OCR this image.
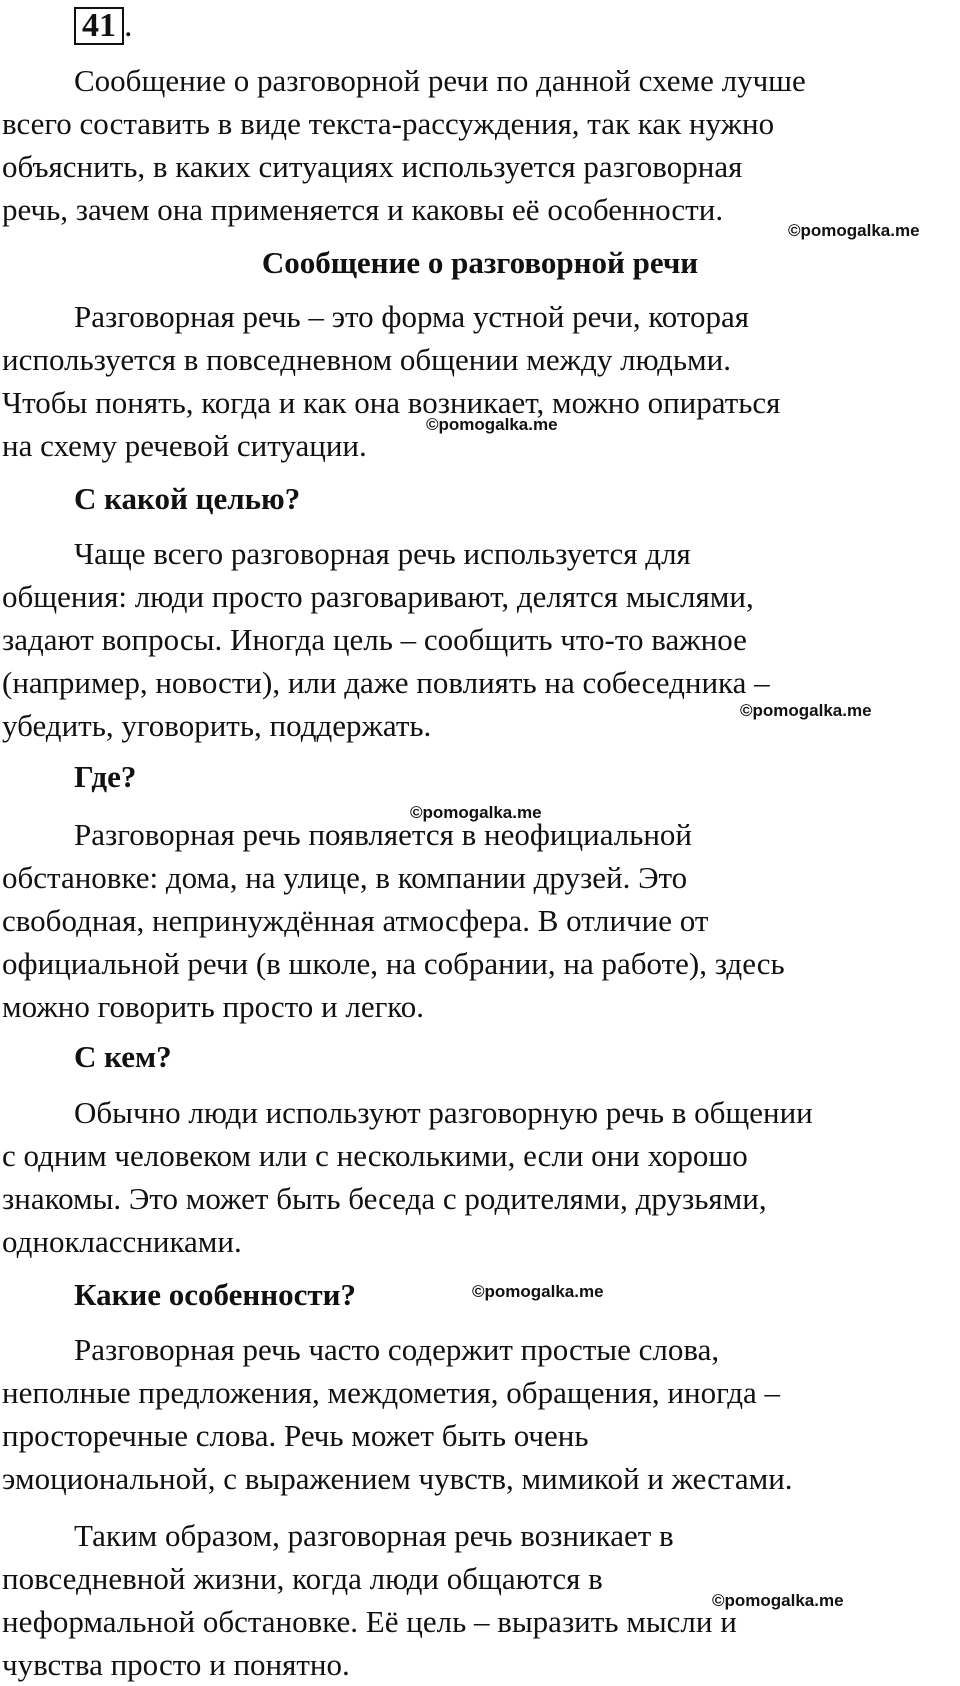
41 .
Сообщение о разговорной речи по данной схеме лучше
всего составить в виде текста-рассуждения, так как нужно
объяснить, в каких ситуациях используется разговорная
речь, зачем она применяется и каковы её особенности.
©pomogalka.me
Сообщение о разговорной речи
Разговорная речь – это форма устной речи, которая
используется в повседневном общении между людьми.
Чтобы понять, когда и как она возникает, можно опираться
на схему речевой ситуации.
©pomogalka.me
С какой целью?
Чаще всего разговорная речь используется для
общения: люди просто разговаривают, делятся мыслями,
задают вопросы. Иногда цель – сообщить что-то важное
(например, новости), или даже повлиять на собеседника –
убедить, уговорить, поддержать.	©pomogalka.me
Где?
©pomogalka.me
Разговорная речь появляется в неофициальной
обстановке: дома, на улице, в компании друзей. Это
свободная, непринуждённая атмосфера. В отличие от
официальной речи (в школе, на собрании, на работе), здесь
можно говорить просто и легко.
С кем?
Обычно люди используют разговорную речь в общении
с одним человеком или с несколькими, если они хорошо
знакомы. Это может быть беседа с родителями, друзьями,
одноклассниками.
Какие особенности?	©pomogalka.me
Разговорная речь часто содержит простые слова,
неполные предложения, междометия, обращения, иногда –
просторечные слова. Речь может быть очень
эмоциональной, с выражением чувств, мимикой и жестами.
Таким образом, разговорная речь возникает в
повседневной жизни, когда люди общаются в
неформальной обстановке. Её цель – выразить мысли и
чувства просто и понятно.
©pomogalka.me
